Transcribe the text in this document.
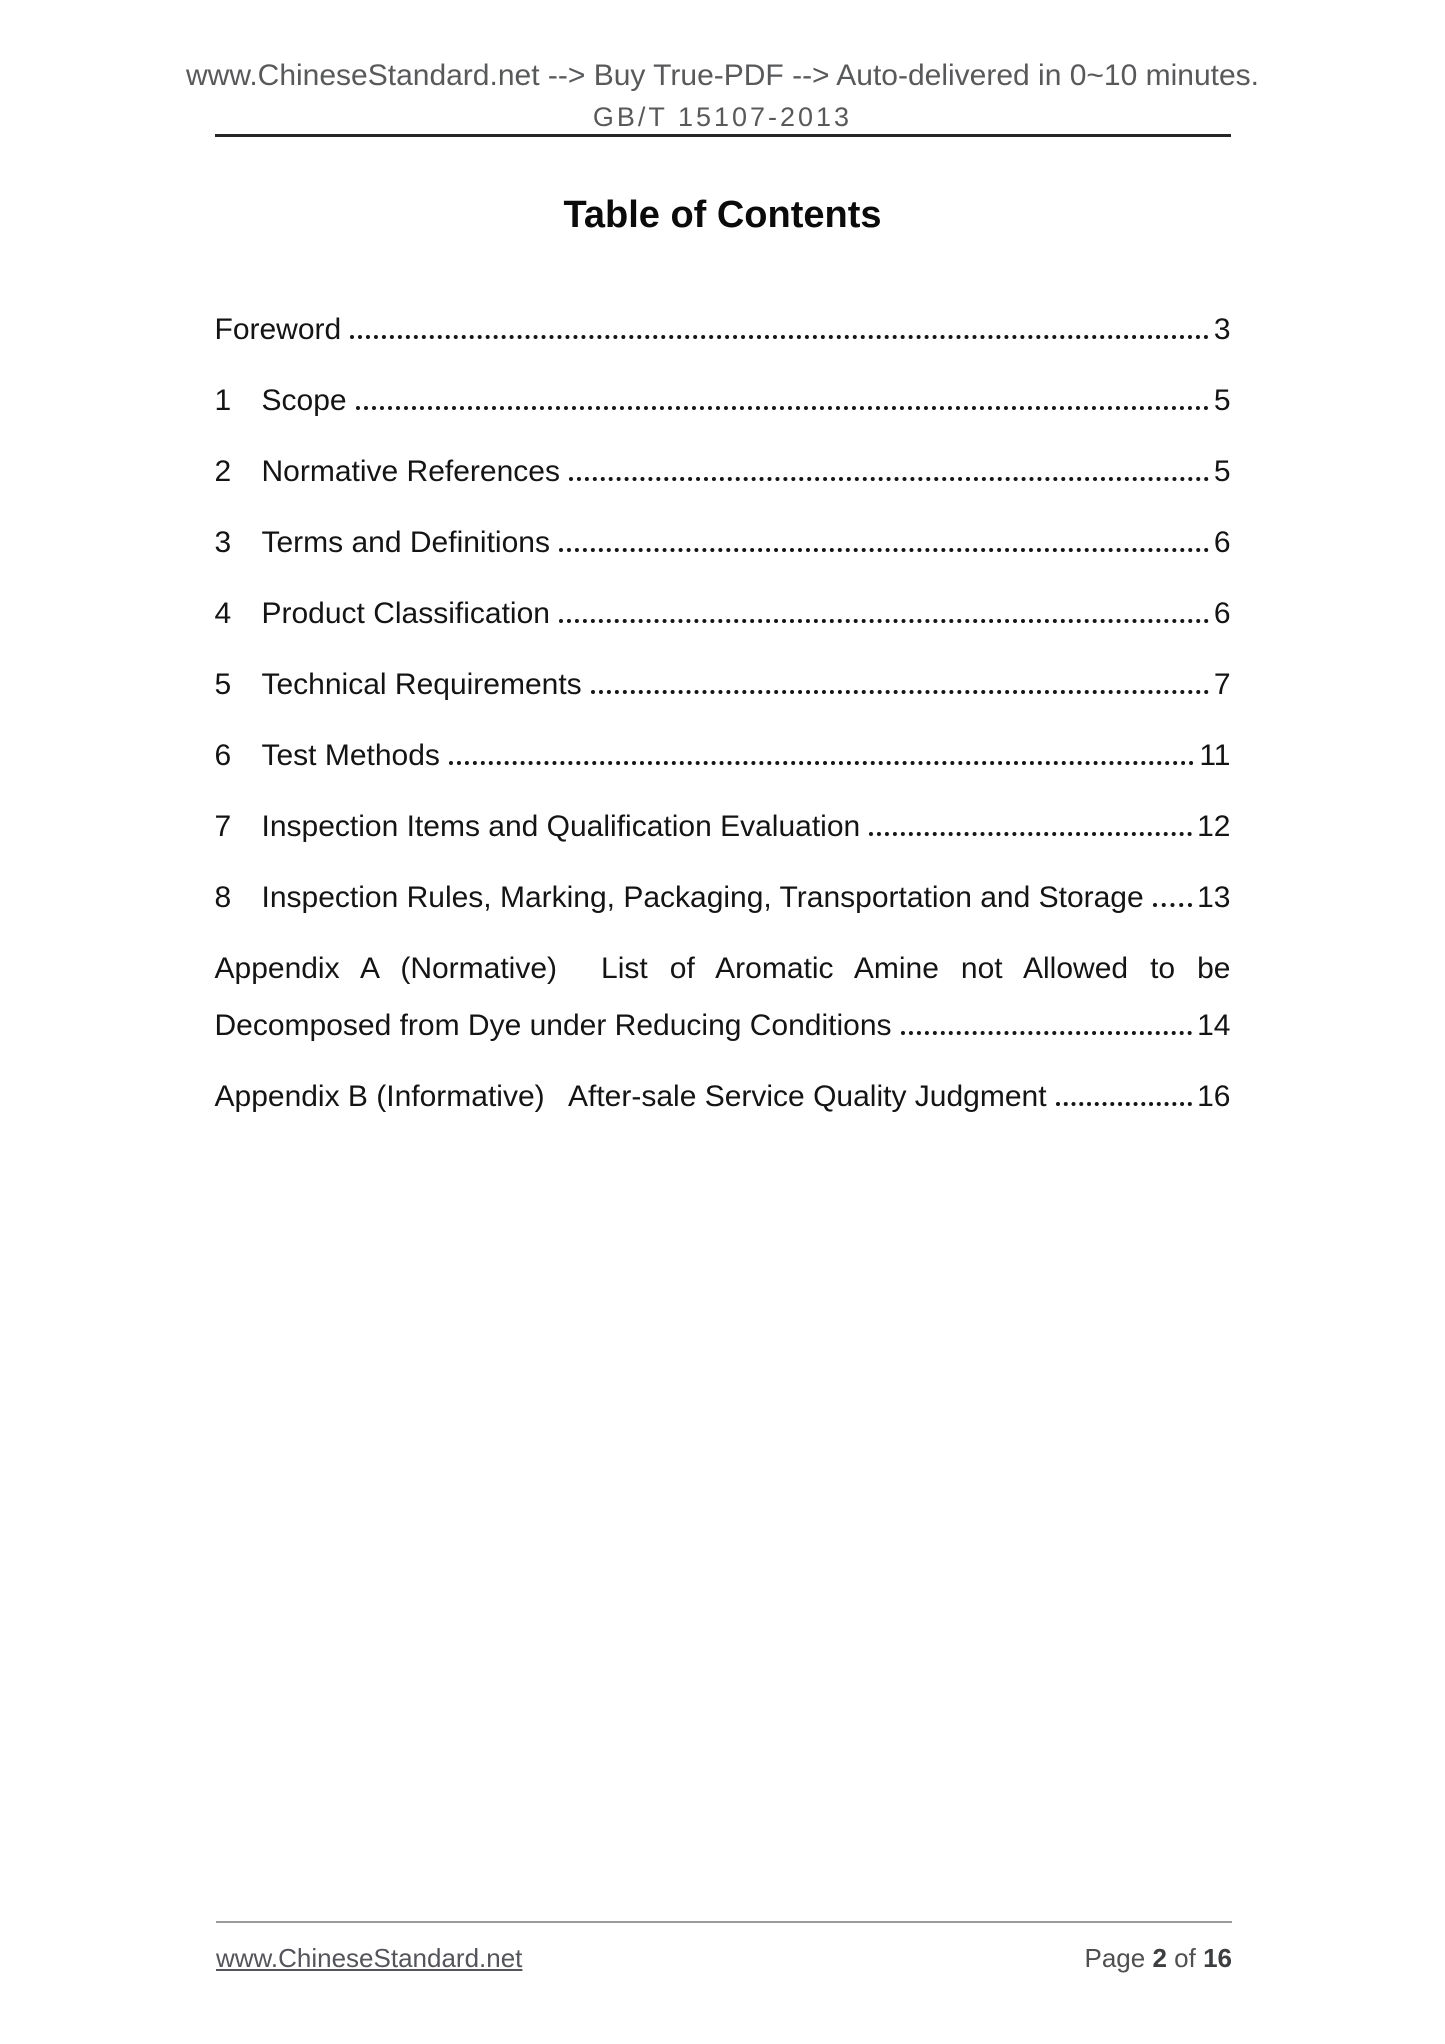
www.ChineseStandard.net --> Buy True-PDF --> Auto-delivered in 0~10 minutes.
GB/T 15107-2013
Table of Contents
Foreword	3
1	Scope	5
2	Normative References	5
3	Terms and Definitions	6
4	Product Classification	6
5	Technical Requirements	7
6	Test Methods	11
7	Inspection Items and Qualification Evaluation	12
8	Inspection Rules, Marking, Packaging, Transportation and Storage 13
Appendix A (Normative)  List of Aromatic Amine not Allowed to be
Decomposed from Dye under Reducing Conditions	14
Appendix B (Informative)   After-sale Service Quality Judgment	16
www.ChineseStandard.net	Page 2 of 16
